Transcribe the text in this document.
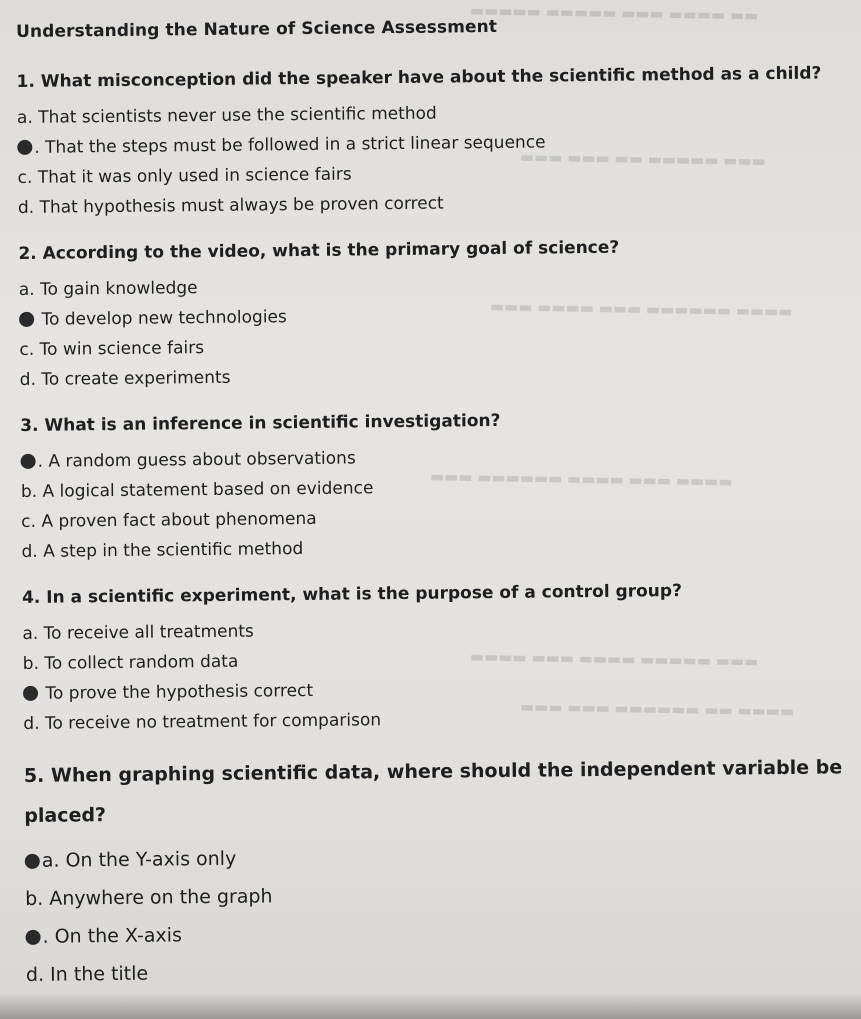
▬▬ ▬▬▬▬ ▬▬▬ ▬▬▬▬▬ ▬▬▬▬▬
▬▬▬ ▬▬▬▬▬ ▬▬ ▬▬▬ ▬▬▬
▬▬▬▬ ▬▬▬▬▬▬ ▬▬▬ ▬▬▬▬ ▬▬▬
▬▬▬▬ ▬▬▬ ▬▬▬▬ ▬▬▬▬▬▬ ▬▬▬
▬▬▬ ▬▬▬▬▬ ▬▬▬▬ ▬▬▬ ▬▬▬▬
▬▬▬▬ ▬▬ ▬▬▬▬▬▬ ▬▬▬ ▬▬▬
Understanding the Nature of Science Assessment

1. What misconception did the speaker have about the scientific method as a child?

a. That scientists never use the scientific method
. That the steps must be followed in a strict linear sequence
c. That it was only used in science fairs
d. That hypothesis must always be proven correct

2. According to the video, what is the primary goal of science?

a. To gain knowledge
To develop new technologies
c. To win science fairs
d. To create experiments

3. What is an inference in scientific investigation?

. A random guess about observations
b. A logical statement based on evidence
c. A proven fact about phenomena
d. A step in the scientific method

4. In a scientific experiment, what is the purpose of a control group?

a. To receive all treatments
b. To collect random data
To prove the hypothesis correct
d. To receive no treatment for comparison

5. When graphing scientific data, where should the independent variable be placed?

a. On the Y-axis only
b. Anywhere on the graph
. On the X-axis
d. In the title
